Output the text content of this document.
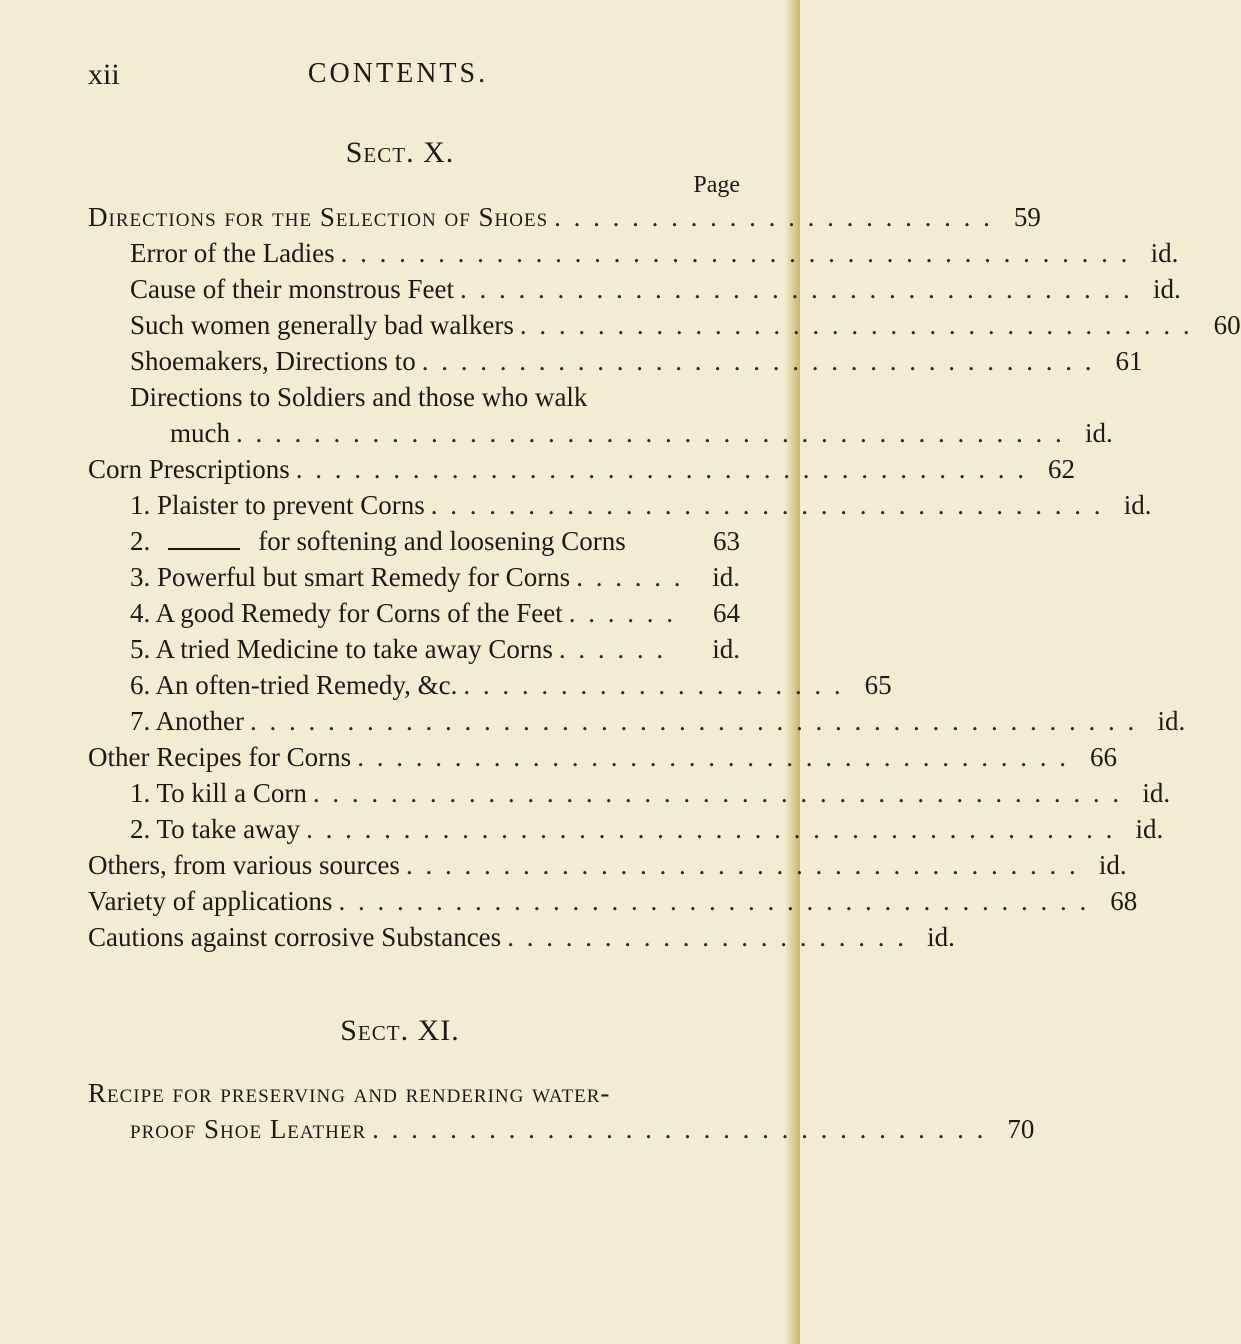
xii	CONTENTS.
Sect. X.
Page
Directions for the Selection of Shoes . . . . . . . . . . . . . . . . . . . . . . . 59
Error of the Ladies . . . . . . . . . . . . . . . . . . . . . . . . . . . . . . . . . . . . . . . . . id.
Cause of their monstrous Feet . . . . . . . . . . . . . . . . . . . . . . . . . . . . . . . . . . . id.
Such women generally bad walkers . . . . . . . . . . . . . . . . . . . . . . . . . . . . . . . . . . . 60
Shoemakers, Directions to . . . . . . . . . . . . . . . . . . . . . . . . . . . . . . . . . . . 61
Directions to Soldiers and those who walk
much . . . . . . . . . . . . . . . . . . . . . . . . . . . . . . . . . . . . . . . . . . . id.
Corn Prescriptions . . . . . . . . . . . . . . . . . . . . . . . . . . . . . . . . . . . . . . 62
1. Plaister to prevent Corns . . . . . . . . . . . . . . . . . . . . . . . . . . . . . . . . . . . id.
2.	for softening and loosening Corns	63
3. Powerful but smart Remedy for Corns . . . . . .	id.
4. A good Remedy for Corns of the Feet . . . . . .	64
5. A tried Medicine to take away Corns . . . . . .	id.
6. An often-tried Remedy, &c. . . . . . . . . . . . . . . . . . . . . 65
7. Another . . . . . . . . . . . . . . . . . . . . . . . . . . . . . . . . . . . . . . . . . . . . . . id.
Other Recipes for Corns . . . . . . . . . . . . . . . . . . . . . . . . . . . . . . . . . . . . . 66
1. To kill a Corn . . . . . . . . . . . . . . . . . . . . . . . . . . . . . . . . . . . . . . . . . . id.
2. To take away . . . . . . . . . . . . . . . . . . . . . . . . . . . . . . . . . . . . . . . . . . id.
Others, from various sources . . . . . . . . . . . . . . . . . . . . . . . . . . . . . . . . . . . id.
Variety of applications . . . . . . . . . . . . . . . . . . . . . . . . . . . . . . . . . . . . . . . 68
Cautions against corrosive Substances . . . . . . . . . . . . . . . . . . . . . id.
Sect. XI.
Recipe for preserving and rendering water-
proof Shoe Leather . . . . . . . . . . . . . . . . . . . . . . . . . . . . . . . . 70
